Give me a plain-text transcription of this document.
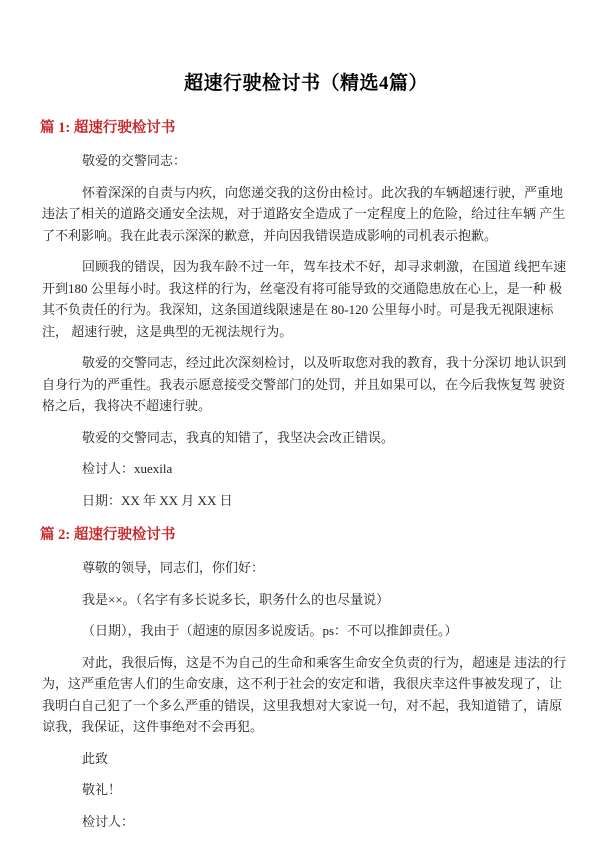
超速行驶检讨书（精选4篇）
篇 1: 超速行驶检讨书

敬爱的交警同志：

怀着深深的自责与内疚，向您递交我的这份由检讨。此次我的车辆超速行驶，严重地违法了相关的道路交通安全法规，对于道路安全造成了一定程度上的危险，给过往车辆 产生了不利影响。我在此表示深深的歉意，并向因我错误造成影响的司机表示抱歉。

回顾我的错误，因为我车龄不过一年，驾车技术不好，却寻求刺激，在国道 线把车速开到180 公里每小时。我这样的行为，丝毫没有将可能导致的交通隐患放在心上，是一种 极其不负责任的行为。我深知，这条国道线限速是在 80-120 公里每小时。可是我无视限速标注， 超速行驶，这是典型的无视法规行为。

敬爱的交警同志，经过此次深刻检讨，以及听取您对我的教育，我十分深切 地认识到自身行为的严重性。我表示愿意接受交警部门的处罚，并且如果可以，在今后我恢复驾 驶资格之后，我将决不超速行驶。

敬爱的交警同志，我真的知错了，我坚决会改正错误。

检讨人：xuexila

日期：XX 年 XX 月 XX 日

篇 2: 超速行驶检讨书

尊敬的领导，同志们，你们好：

我是××。（名字有多长说多长，职务什么的也尽量说）

（日期），我由于（超速的原因多说废话。ps：不可以推卸责任。）

对此，我很后悔，这是不为自己的生命和乘客生命安全负责的行为，超速是 违法的行为，这严重危害人们的生命安康，这不利于社会的安定和谐，我很庆幸这件事被发现了，让我明白自己犯了一个多么严重的错误，这里我想对大家说一句，对不起，我知道错了，请原 谅我，我保证，这件事绝对不会再犯。

此致

敬礼！

检讨人：
